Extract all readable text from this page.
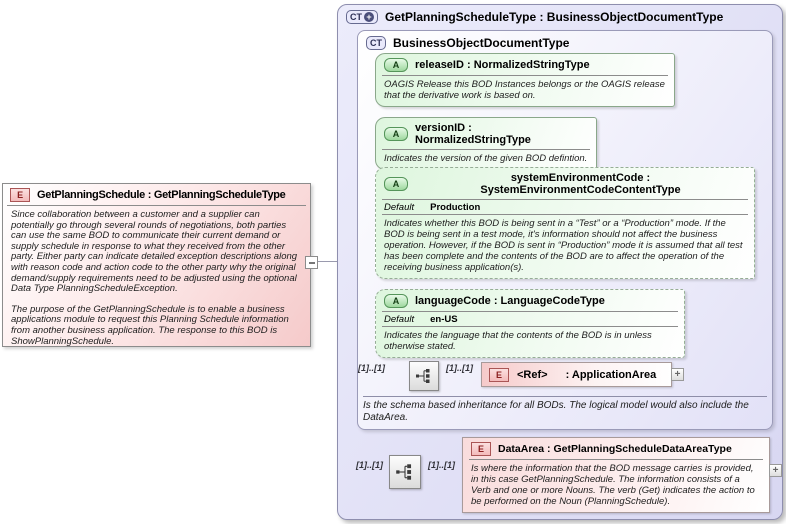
E	GetPlanningSchedule : GetPlanningScheduleType

Since collaboration between a customer and a supplier can potentially go through several rounds of negotiations, both parties can use the same BOD to communicate their current demand or supply schedule in response to what they received from the other party. Either party can indicate detailed exception descriptions along with reason code and action code to the other party why the original demand/supply requirements need to be adjusted using the optional Data Type PlanningScheduleException.

The purpose of the GetPlanningSchedule is to enable a business applications module to request this Planning Schedule information from another business application. The response to this BOD is ShowPlanningSchedule.

CT + GetPlanningScheduleType : BusinessObjectDocumentType
CT BusinessObjectDocumentType
Is the schema based inheritance for all BODs. The logical model would also include the DataArea.
A	releaseID : NormalizedStringType
OAGIS Release this BOD Instances belongs or the OAGIS release that the derivative work is based on.
A	versionID : NormalizedStringType
Indicates the version of the given BOD defintion.
A	systemEnvironmentCode : SystemEnvironmentCodeContentType
Default Production
Indicates whether this BOD is being sent in a “Test” or a “Production” mode. If the BOD is being sent in a test mode, it's information should not affect the business operation. However, if the BOD is sent in “Production” mode it is assumed that all test has been complete and the contents of the BOD are to affect the operation of the receiving business application(s).
A	languageCode : LanguageCodeType
Default en-US
Indicates the language that the contents of the BOD is in unless otherwise stated.
[1]..[1]	[1]..[1]
E	<Ref> : ApplicationArea	+
[1]..[1]	[1]..[1]
E	DataArea : GetPlanningScheduleDataAreaType
Is where the information that the BOD message carries is provided, in this case GetPlanningSchedule. The information consists of a Verb and one or more Nouns. The verb (Get) indicates the action to be performed on the Noun (PlanningSchedule).
+
